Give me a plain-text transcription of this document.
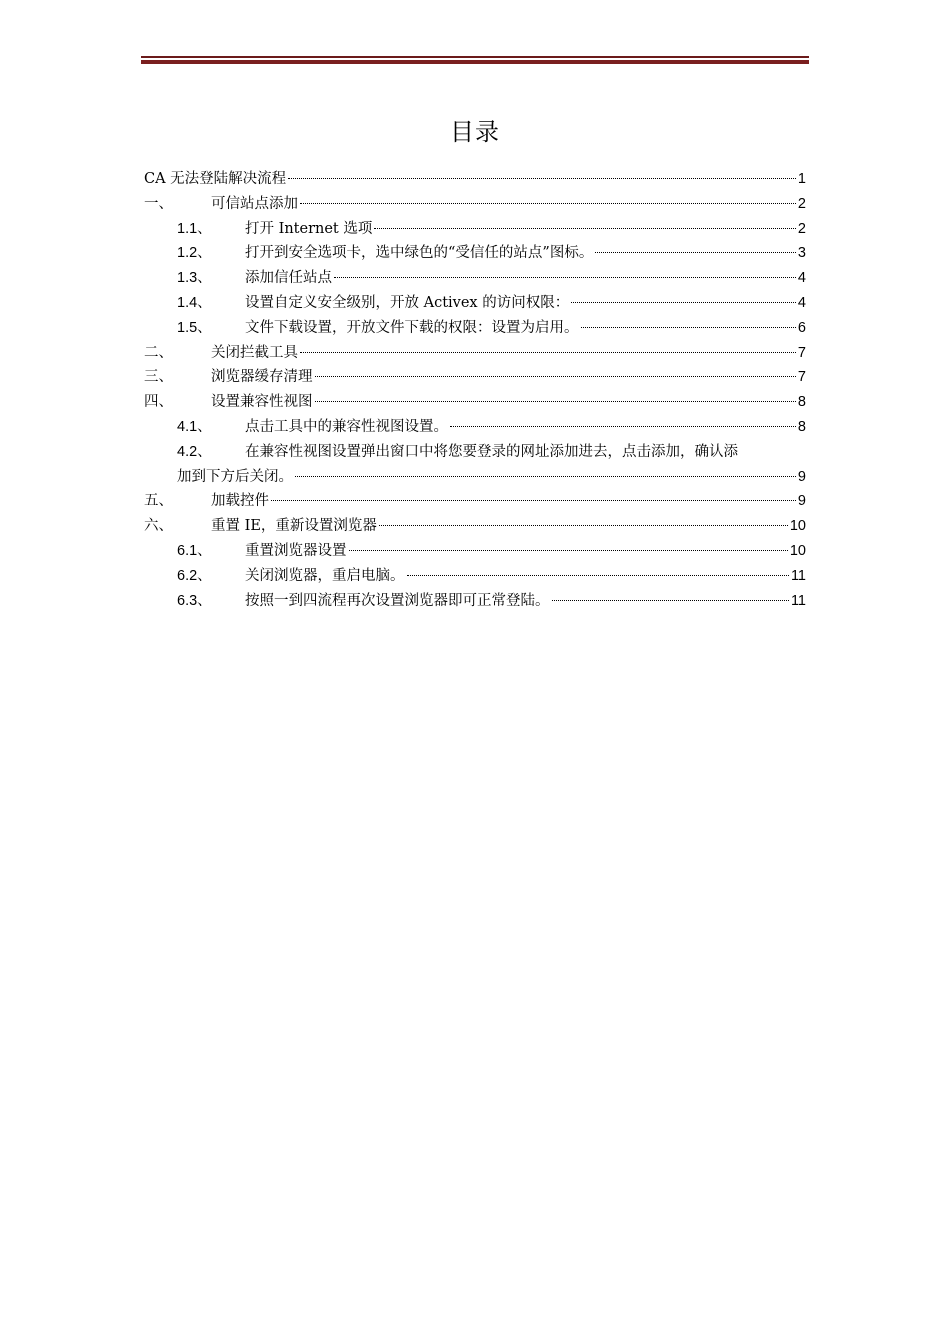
目录
CA 无法登陆解决流程	1
一、	可信站点添加	2
1.1、	打开 Internet 选项	2
1.2、	打开到安全选项卡，选中绿色的“受信任的站点”图标。	3
1.3、	添加信任站点	4
1.4、	设置自定义安全级别，开放 Activex 的访问权限：	4
1.5、	文件下载设置，开放文件下载的权限：设置为启用。	6
二、	关闭拦截工具	7
三、	浏览器缓存清理	7
四、	设置兼容性视图	8
4.1、	点击工具中的兼容性视图设置。	8
4.2、	在兼容性视图设置弹出窗口中将您要登录的网址添加进去，点击添加，确认添
加到下方后关闭。	9
五、	加载控件	9
六、	重置 IE，重新设置浏览器	10
6.1、	重置浏览器设置	10
6.2、	关闭浏览器，重启电脑。	11
6.3、	按照一到四流程再次设置浏览器即可正常登陆。	11
